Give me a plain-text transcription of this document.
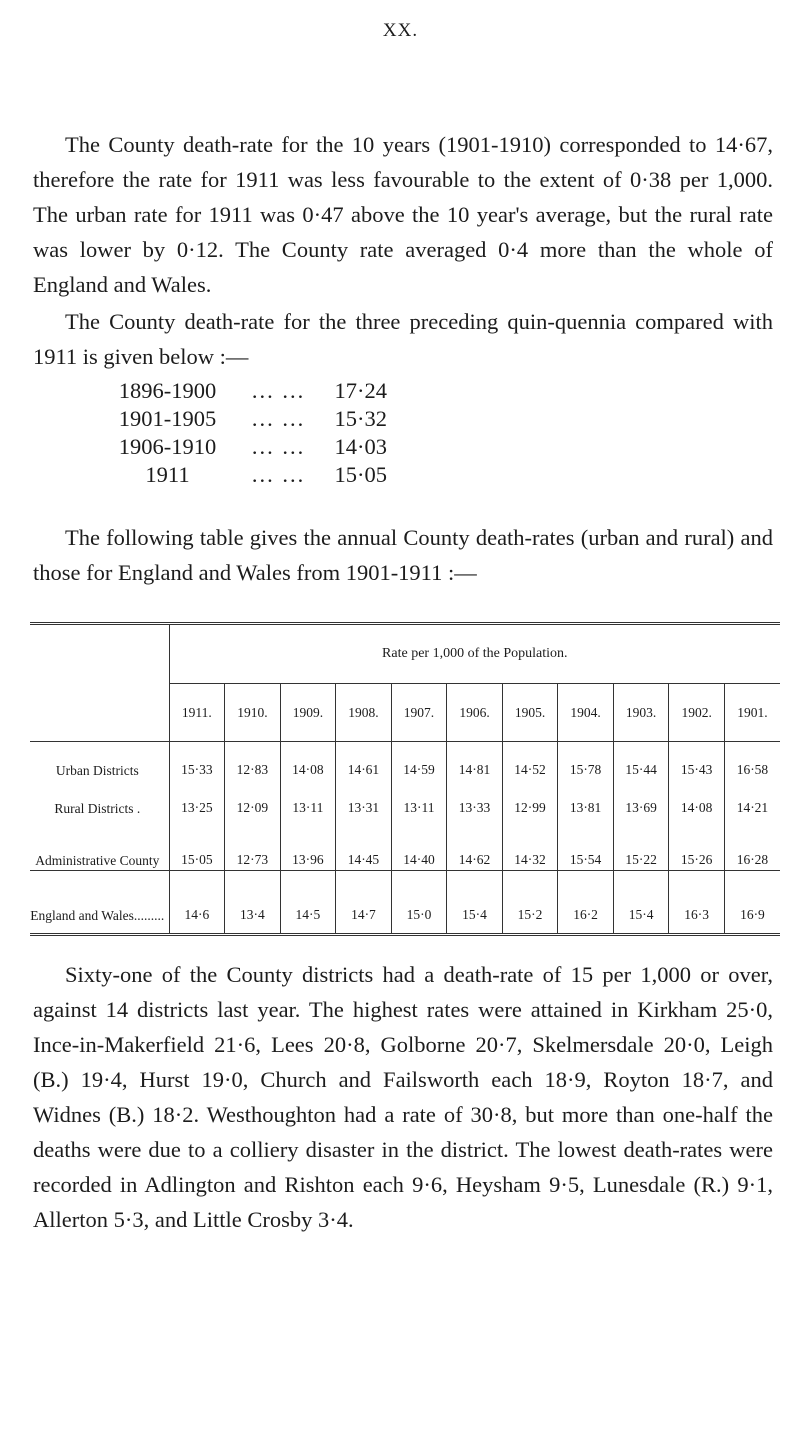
XX.

The County death-rate for the 10 years (1901-1910) corresponded to 14·67, therefore the rate for 1911 was less favourable to the extent of 0·38 per 1,000. The urban rate for 1911 was 0·47 above the 10 year's average, but the rural rate was lower by 0·12. The County rate averaged 0·4 more than the whole of England and Wales.

The County death-rate for the three preceding quin-quennia compared with 1911 is given below :—

1896-1900	... ...	17·24
1901-1905	... ...	15·32
1906-1910	... ...	14·03
1911	... ...	15·05

The following table gives the annual County death-rates (urban and rural) and those for England and Wales from 1901-1911 :—

	Rate per 1,000 of the Population.										
	1911.	1910.	1909.	1908.	1907.	1906.	1905.	1904.	1903.	1902.	1901.
Urban Districts	15·33	12·83	14·08	14·61	14·59	14·81	14·52	15·78	15·44	15·43	16·58
Rural Districts .	13·25	12·09	13·11	13·31	13·11	13·33	12·99	13·81	13·69	14·08	14·21
Administrative County	15·05	12·73	13·96	14·45	14·40	14·62	14·32	15·54	15·22	15·26	16·28
England and Wales.........	14·6	13·4	14·5	14·7	15·0	15·4	15·2	16·2	15·4	16·3	16·9

Sixty-one of the County districts had a death-rate of 15 per 1,000 or over, against 14 districts last year. The highest rates were attained in Kirkham 25·0, Ince-in-Makerfield 21·6, Lees 20·8, Golborne 20·7, Skelmersdale 20·0, Leigh (B.) 19·4, Hurst 19·0, Church and Failsworth each 18·9, Royton 18·7, and Widnes (B.) 18·2. Westhoughton had a rate of 30·8, but more than one-half the deaths were due to a colliery disaster in the district. The lowest death-rates were recorded in Adlington and Rishton each 9·6, Heysham 9·5, Lunesdale (R.) 9·1, Allerton 5·3, and Little Crosby 3·4.
